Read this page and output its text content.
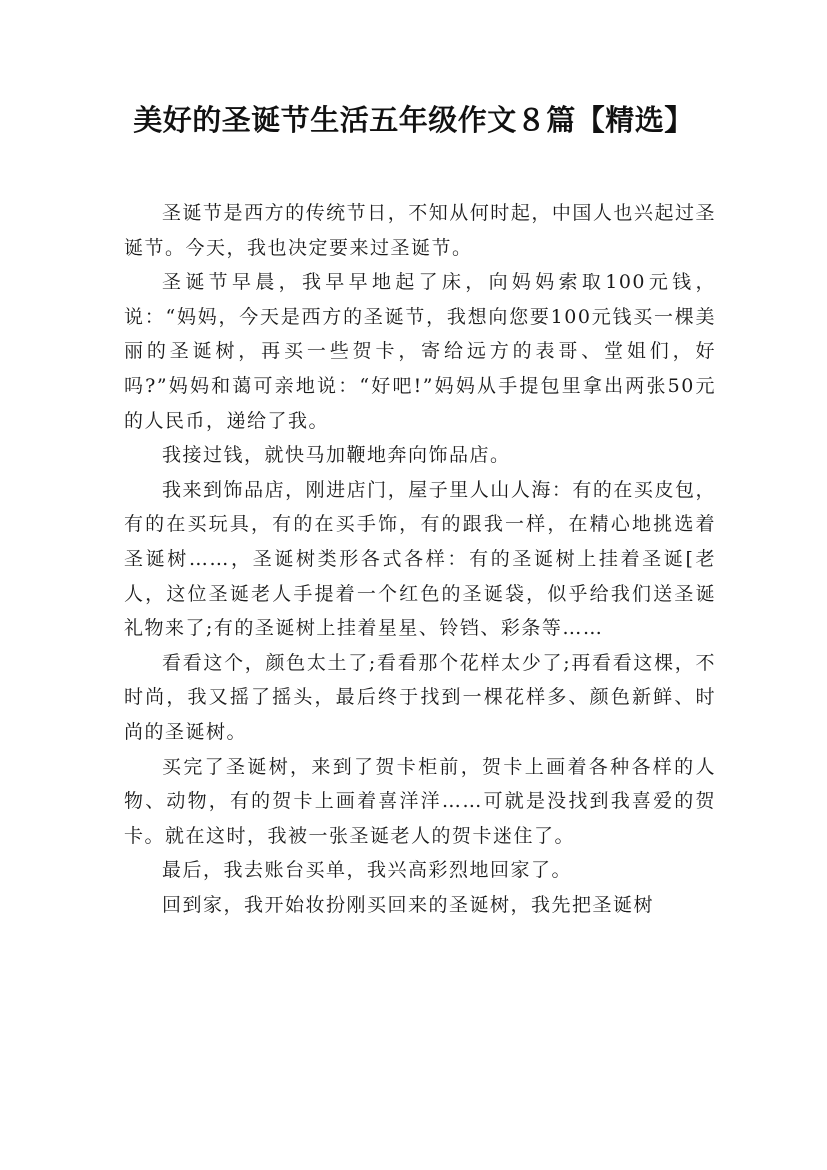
美好的圣诞节生活五年级作文８篇【精选】

圣诞节是西方的传统节日，不知从何时起，中国人也兴起过圣诞节。今天，我也决定要来过圣诞节。

圣诞节早晨，我早早地起了床，向妈妈索取100元钱，说：“妈妈，今天是西方的圣诞节，我想向您要100元钱买一棵美丽的圣诞树，再买一些贺卡，寄给远方的表哥、堂姐们，好吗?”妈妈和蔼可亲地说：“好吧!”妈妈从手提包里拿出两张50元的人民币，递给了我。

我接过钱，就快马加鞭地奔向饰品店。

我来到饰品店，刚进店门，屋子里人山人海：有的在买皮包，有的在买玩具，有的在买手饰，有的跟我一样，在精心地挑选着圣诞树……，圣诞树类形各式各样：有的圣诞树上挂着圣诞[老人，这位圣诞老人手提着一个红色的圣诞袋，似乎给我们送圣诞礼物来了;有的圣诞树上挂着星星、铃铛、彩条等……

看看这个，颜色太土了;看看那个花样太少了;再看看这棵，不时尚，我又摇了摇头，最后终于找到一棵花样多、颜色新鲜、时尚的圣诞树。

买完了圣诞树，来到了贺卡柜前，贺卡上画着各种各样的人物、动物，有的贺卡上画着喜洋洋……可就是没找到我喜爱的贺卡。就在这时，我被一张圣诞老人的贺卡迷住了。

最后，我去账台买单，我兴高彩烈地回家了。

回到家，我开始妆扮刚买回来的圣诞树，我先把圣诞树
